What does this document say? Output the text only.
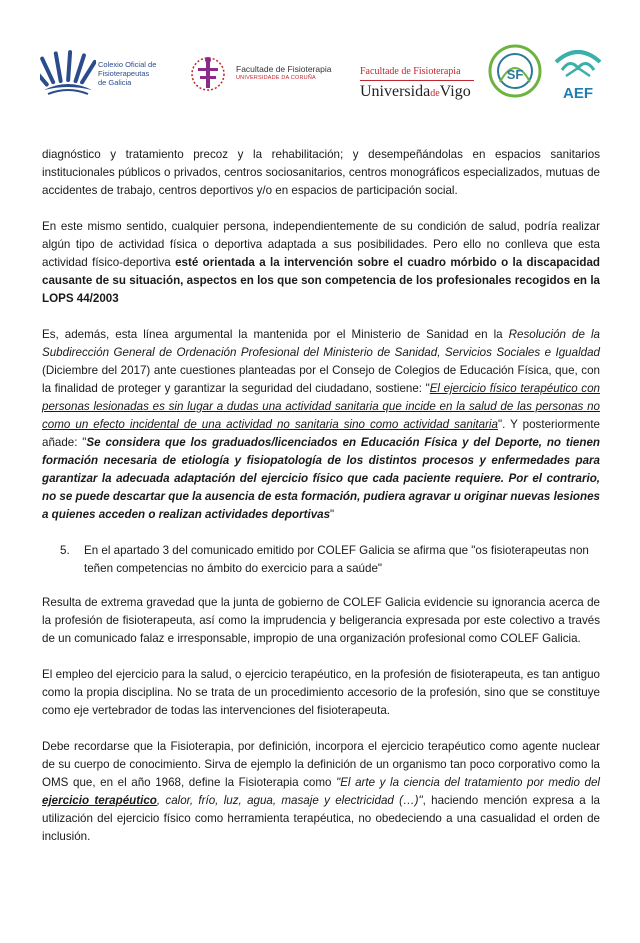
Colexio Oficial de
Fisioterapeutas
de Galicia
Facultade de Fisioterapia
UNIVERSIDADE DA CORUÑA
Facultade de Fisioterapia
UniversidadeVigo
SF
AEF

diagnóstico y tratamiento precoz y la rehabilitación; y desempeñándolas en espacios sanitarios institucionales públicos o privados, centros sociosanitarios, centros monográficos especializados, mutuas de accidentes de trabajo, centros deportivos y/o en espacios de participación social.

En este mismo sentido, cualquier persona, independientemente de su condición de salud, podría realizar algún tipo de actividad física o deportiva adaptada a sus posibilidades. Pero ello no conlleva que esta actividad físico-deportiva esté orientada a la intervención sobre el cuadro mórbido o la discapacidad causante de su situación, aspectos en los que son competencia de los profesionales recogidos en la LOPS 44/2003

Es, además, esta línea argumental la mantenida por el Ministerio de Sanidad en la Resolución de la Subdirección General de Ordenación Profesional del Ministerio de Sanidad, Servicios Sociales e Igualdad (Diciembre del 2017) ante cuestiones planteadas por el Consejo de Colegios de Educación Física, que, con la finalidad de proteger y garantizar la seguridad del ciudadano, sostiene: "El ejercicio físico terapéutico con personas lesionadas es sin lugar a dudas una actividad sanitaria que incide en la salud de las personas no como un efecto incidental de una actividad no sanitaria sino como actividad sanitaria". Y posteriormente añade: "Se considera que los graduados/licenciados en Educación Física y del Deporte, no tienen formación necesaria de etiología y fisiopatología de los distintos procesos y enfermedades para garantizar la adecuada adaptación del ejercicio físico que cada paciente requiere. Por el contrario, no se puede descartar que la ausencia de esta formación, pudiera agravar u originar nuevas lesiones a quienes acceden o realizan actividades deportivas"

5.	En el apartado 3 del comunicado emitido por COLEF Galicia se afirma que "os fisioterapeutas non teñen competencias no ámbito do exercicio para a saúde"

Resulta de extrema gravedad que la junta de gobierno de COLEF Galicia evidencie su ignorancia acerca de la profesión de fisioterapeuta, así como la imprudencia y beligerancia expresada por este colectivo a través de un comunicado falaz e irresponsable, impropio de una organización profesional como COLEF Galicia.

El empleo del ejercicio para la salud, o ejercicio terapéutico, en la profesión de fisioterapeuta, es tan antiguo como la propia disciplina. No se trata de un procedimiento accesorio de la profesión, sino que se constituye como eje vertebrador de todas las intervenciones del fisioterapeuta.

Debe recordarse que la Fisioterapia, por definición, incorpora el ejercicio terapéutico como agente nuclear de su cuerpo de conocimiento. Sirva de ejemplo la definición de un organismo tan poco corporativo como la OMS que, en el año 1968, define la Fisioterapia como "El arte y la ciencia del tratamiento por medio del ejercicio terapéutico, calor, frío, luz, agua, masaje y electricidad (…)", haciendo mención expresa a la utilización del ejercicio físico como herramienta terapéutica, no obedeciendo a una casualidad el orden de inclusión.
